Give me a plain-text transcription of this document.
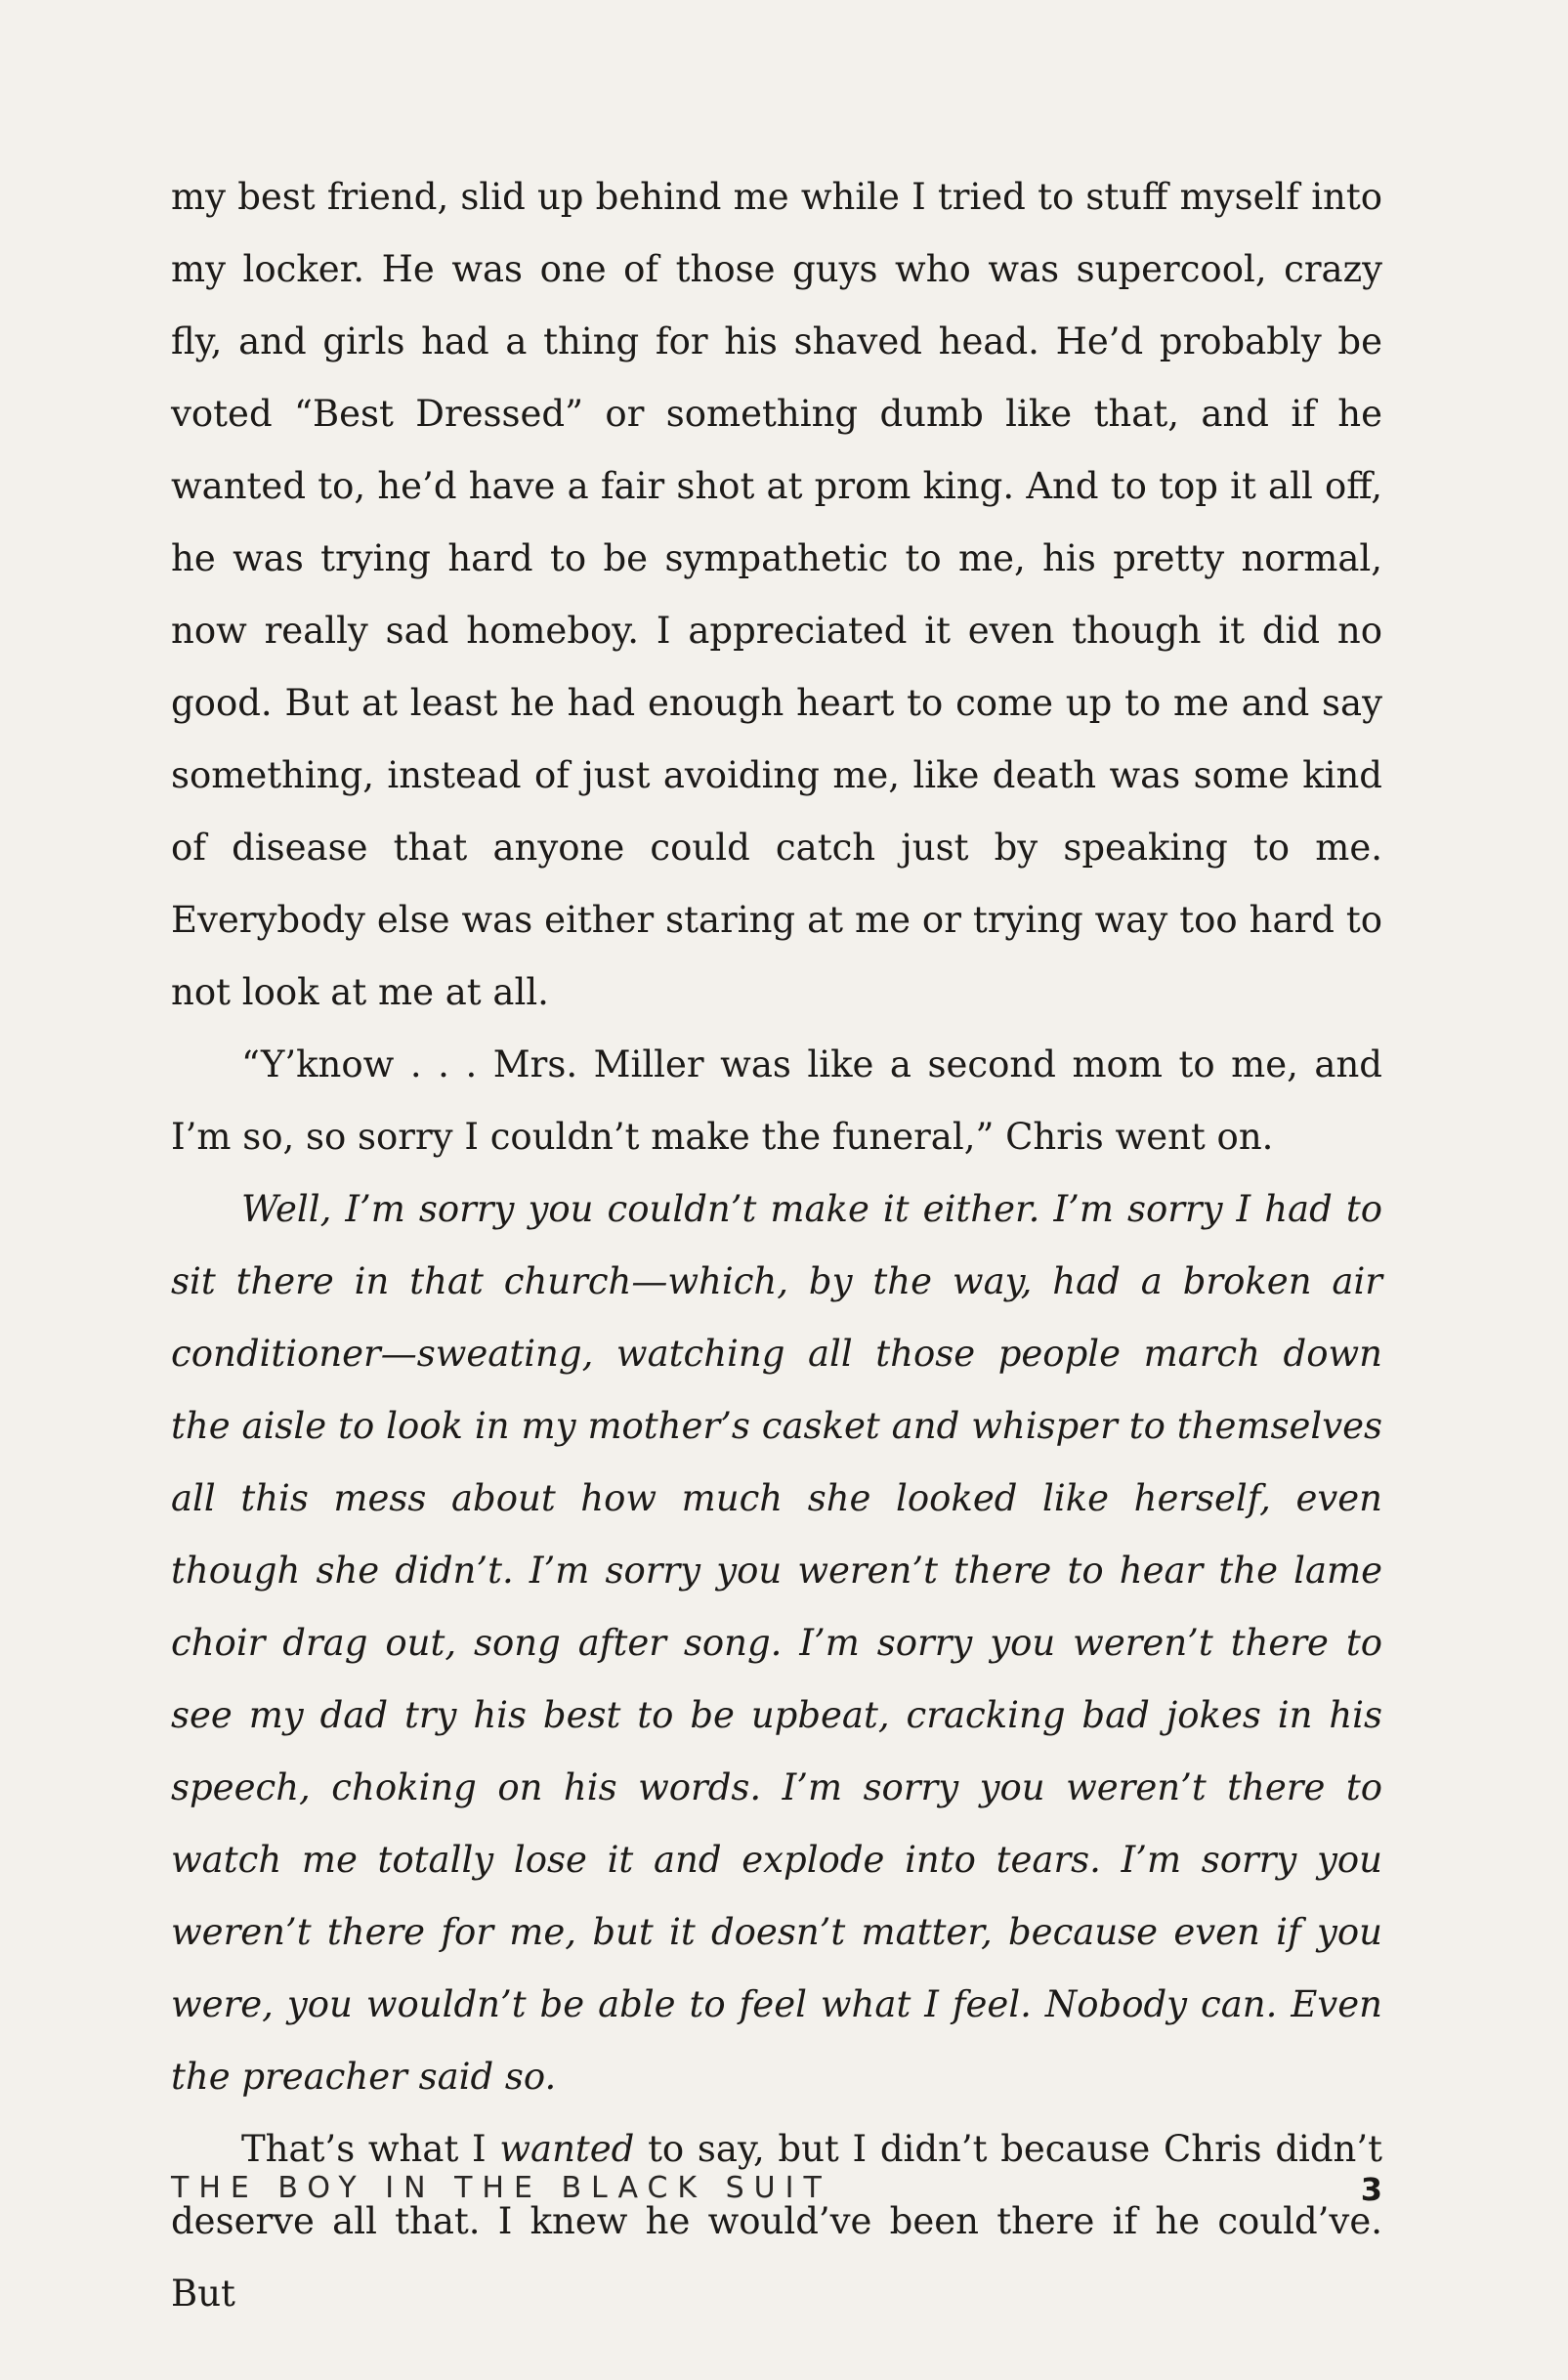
my best friend, slid up behind me while I tried to stuff myself into my locker. He was one of those guys who was supercool, crazy fly, and girls had a thing for his shaved head. He’d probably be voted “Best Dressed” or something dumb like that, and if he wanted to, he’d have a fair shot at prom king. And to top it all off, he was trying hard to be sympathetic to me, his pretty normal, now really sad homeboy. I appreciated it even though it did no good. But at least he had enough heart to come up to me and say something, instead of just avoiding me, like death was some kind of disease that anyone could catch just by speaking to me. Everybody else was either staring at me or trying way too hard to not look at me at all.

“Y’know . . . Mrs. Miller was like a second mom to me, and I’m so, so sorry I couldn’t make the funeral,” Chris went on.

Well, I’m sorry you couldn’t make it either. I’m sorry I had to sit there in that church—which, by the way, had a broken air conditioner—sweating, watching all those people march down the aisle to look in my mother’s casket and whisper to themselves all this mess about how much she looked like herself, even though she didn’t. I’m sorry you weren’t there to hear the lame choir drag out, song after song. I’m sorry you weren’t there to see my dad try his best to be upbeat, cracking bad jokes in his speech, choking on his words. I’m sorry you weren’t there to watch me totally lose it and explode into tears. I’m sorry you weren’t there for me, but it doesn’t matter, because even if you were, you wouldn’t be able to feel what I feel. Nobody can. Even the preacher said so.

That’s what I wanted to say, but I didn’t because Chris didn’t deserve all that. I knew he would’ve been there if he could’ve. But

THE BOY IN THE BLACK SUIT	3
